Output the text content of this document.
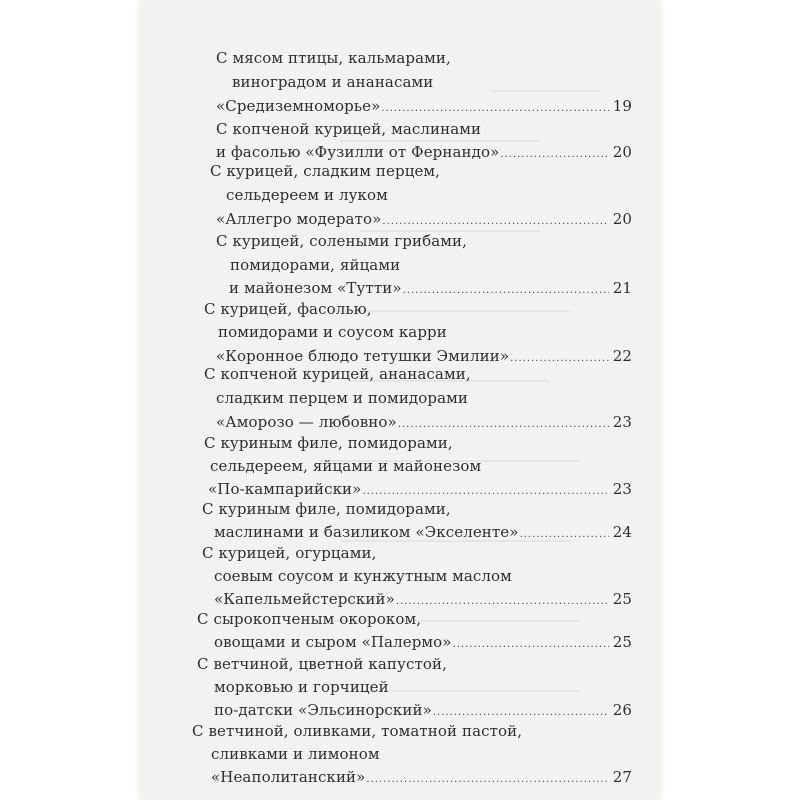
С мясом птицы, кальмарами,
виноградом и ананасами
«Средиземноморье» .....	19
С копченой курицей, маслинами
и фасолью «Фузилли от Фернандо» .....	20
С курицей, сладким перцем,
сельдереем и луком
«Аллегро модерато» .....	20
С курицей, солеными грибами,
помидорами, яйцами
и майонезом «Тутти» .....	21
С курицей, фасолью,
помидорами и соусом карри
«Коронное блюдо тетушки Эмилии» .....	22
С копченой курицей, ананасами,
сладким перцем и помидорами
«Аморозо — любовно» .....	23
С куриным филе, помидорами,
сельдереем, яйцами и майонезом
«По-кампарийски» .....	23
С куриным филе, помидорами,
маслинами и базиликом «Экселенте» .....	24
С курицей, огурцами,
соевым соусом и кунжутным маслом
«Капельмейстерский» .....	25
С сырокопченым окороком,
овощами и сыром «Палермо» .....	25
С ветчиной, цветной капустой,
морковью и горчицей
по-датски «Эльсинорский» .....	26
С ветчиной, оливками, томатной пастой,
сливками и лимоном
«Неаполитанский» .....	27
